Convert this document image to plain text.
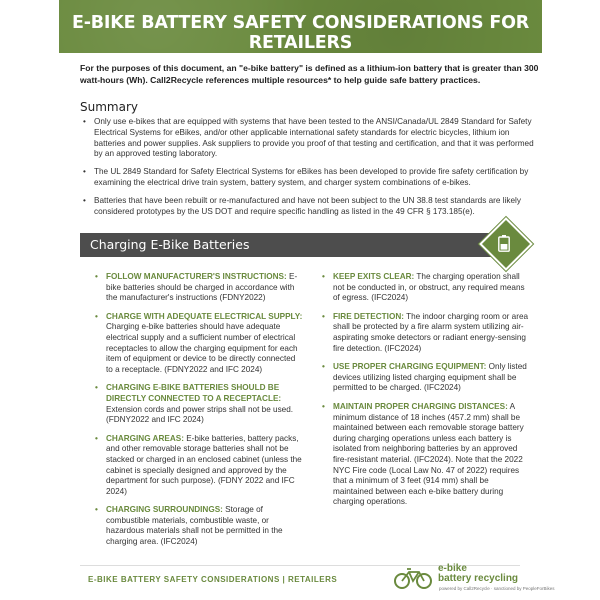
E-BIKE BATTERY SAFETY CONSIDERATIONS FOR RETAILERS
For the purposes of this document, an "e-bike battery" is defined as a lithium-ion battery that is greater than 300 watt-hours (Wh). Call2Recycle references multiple resources* to help guide safe battery practices.
Summary
• Only use e-bikes that are equipped with systems that have been tested to the ANSI/Canada/UL 2849 Standard for Safety Electrical Systems for eBikes, and/or other applicable international safety standards for electric bicycles, lithium ion batteries and power supplies. Ask suppliers to provide you proof of that testing and certification, and that it was performed by an approved testing laboratory.
• The UL 2849 Standard for Safety Electrical Systems for eBikes has been developed to provide fire safety certification by examining the electrical drive train system, battery system, and charger system combinations of e-bikes.
• Batteries that have been rebuilt or re-manufactured and have not been subject to the UN 38.8 test standards are likely considered prototypes by the US DOT and require specific handling as listed in the 49 CFR § 173.185(e).
Charging E-Bike Batteries
• FOLLOW MANUFACTURER'S INSTRUCTIONS: E-bike batteries should be charged in accordance with the manufacturer's instructions (FDNY2022)
• CHARGE WITH ADEQUATE ELECTRICAL SUPPLY: Charging e-bike batteries should have adequate electrical supply and a sufficient number of electrical receptacles to allow the charging equipment for each item of equipment or device to be directly connected to a receptacle. (FDNY2022 and IFC 2024)
• CHARGING E-BIKE BATTERIES SHOULD BE DIRECTLY CONNECTED TO A RECEPTACLE: Extension cords and power strips shall not be used. (FDNY2022 and IFC 2024)
• CHARGING AREAS: E-bike batteries, battery packs, and other removable storage batteries shall not be stacked or charged in an enclosed cabinet (unless the cabinet is specially designed and approved by the department for such purpose). (FDNY 2022 and IFC 2024)
• CHARGING SURROUNDINGS: Storage of combustible materials, combustible waste, or hazardous materials shall not be permitted in the charging area. (IFC2024)
• KEEP EXITS CLEAR: The charging operation shall not be conducted in, or obstruct, any required means of egress. (IFC2024)
• FIRE DETECTION: The indoor charging room or area shall be protected by a fire alarm system utilizing air-aspirating smoke detectors or radiant energy-sensing fire detection. (IFC2024)
• USE PROPER CHARGING EQUIPMENT: Only listed devices utilizing listed charging equipment shall be permitted to be charged. (IFC2024)
• MAINTAIN PROPER CHARGING DISTANCES: A minimum distance of 18 inches (457.2 mm) shall be maintained between each removable storage battery during charging operations unless each battery is isolated from neighboring batteries by an approved fire-resistant material. (IFC2024). Note that the 2022 NYC Fire code (Local Law No. 47 of 2022) requires that a minimum of 3 feet (914 mm) shall be maintained between each e-bike battery during charging operations.
E-BIKE BATTERY SAFETY CONSIDERATIONS | RETAILERS
e-bike
battery recycling
powered by Call2Recycle · sanctioned by PeopleForBikes
